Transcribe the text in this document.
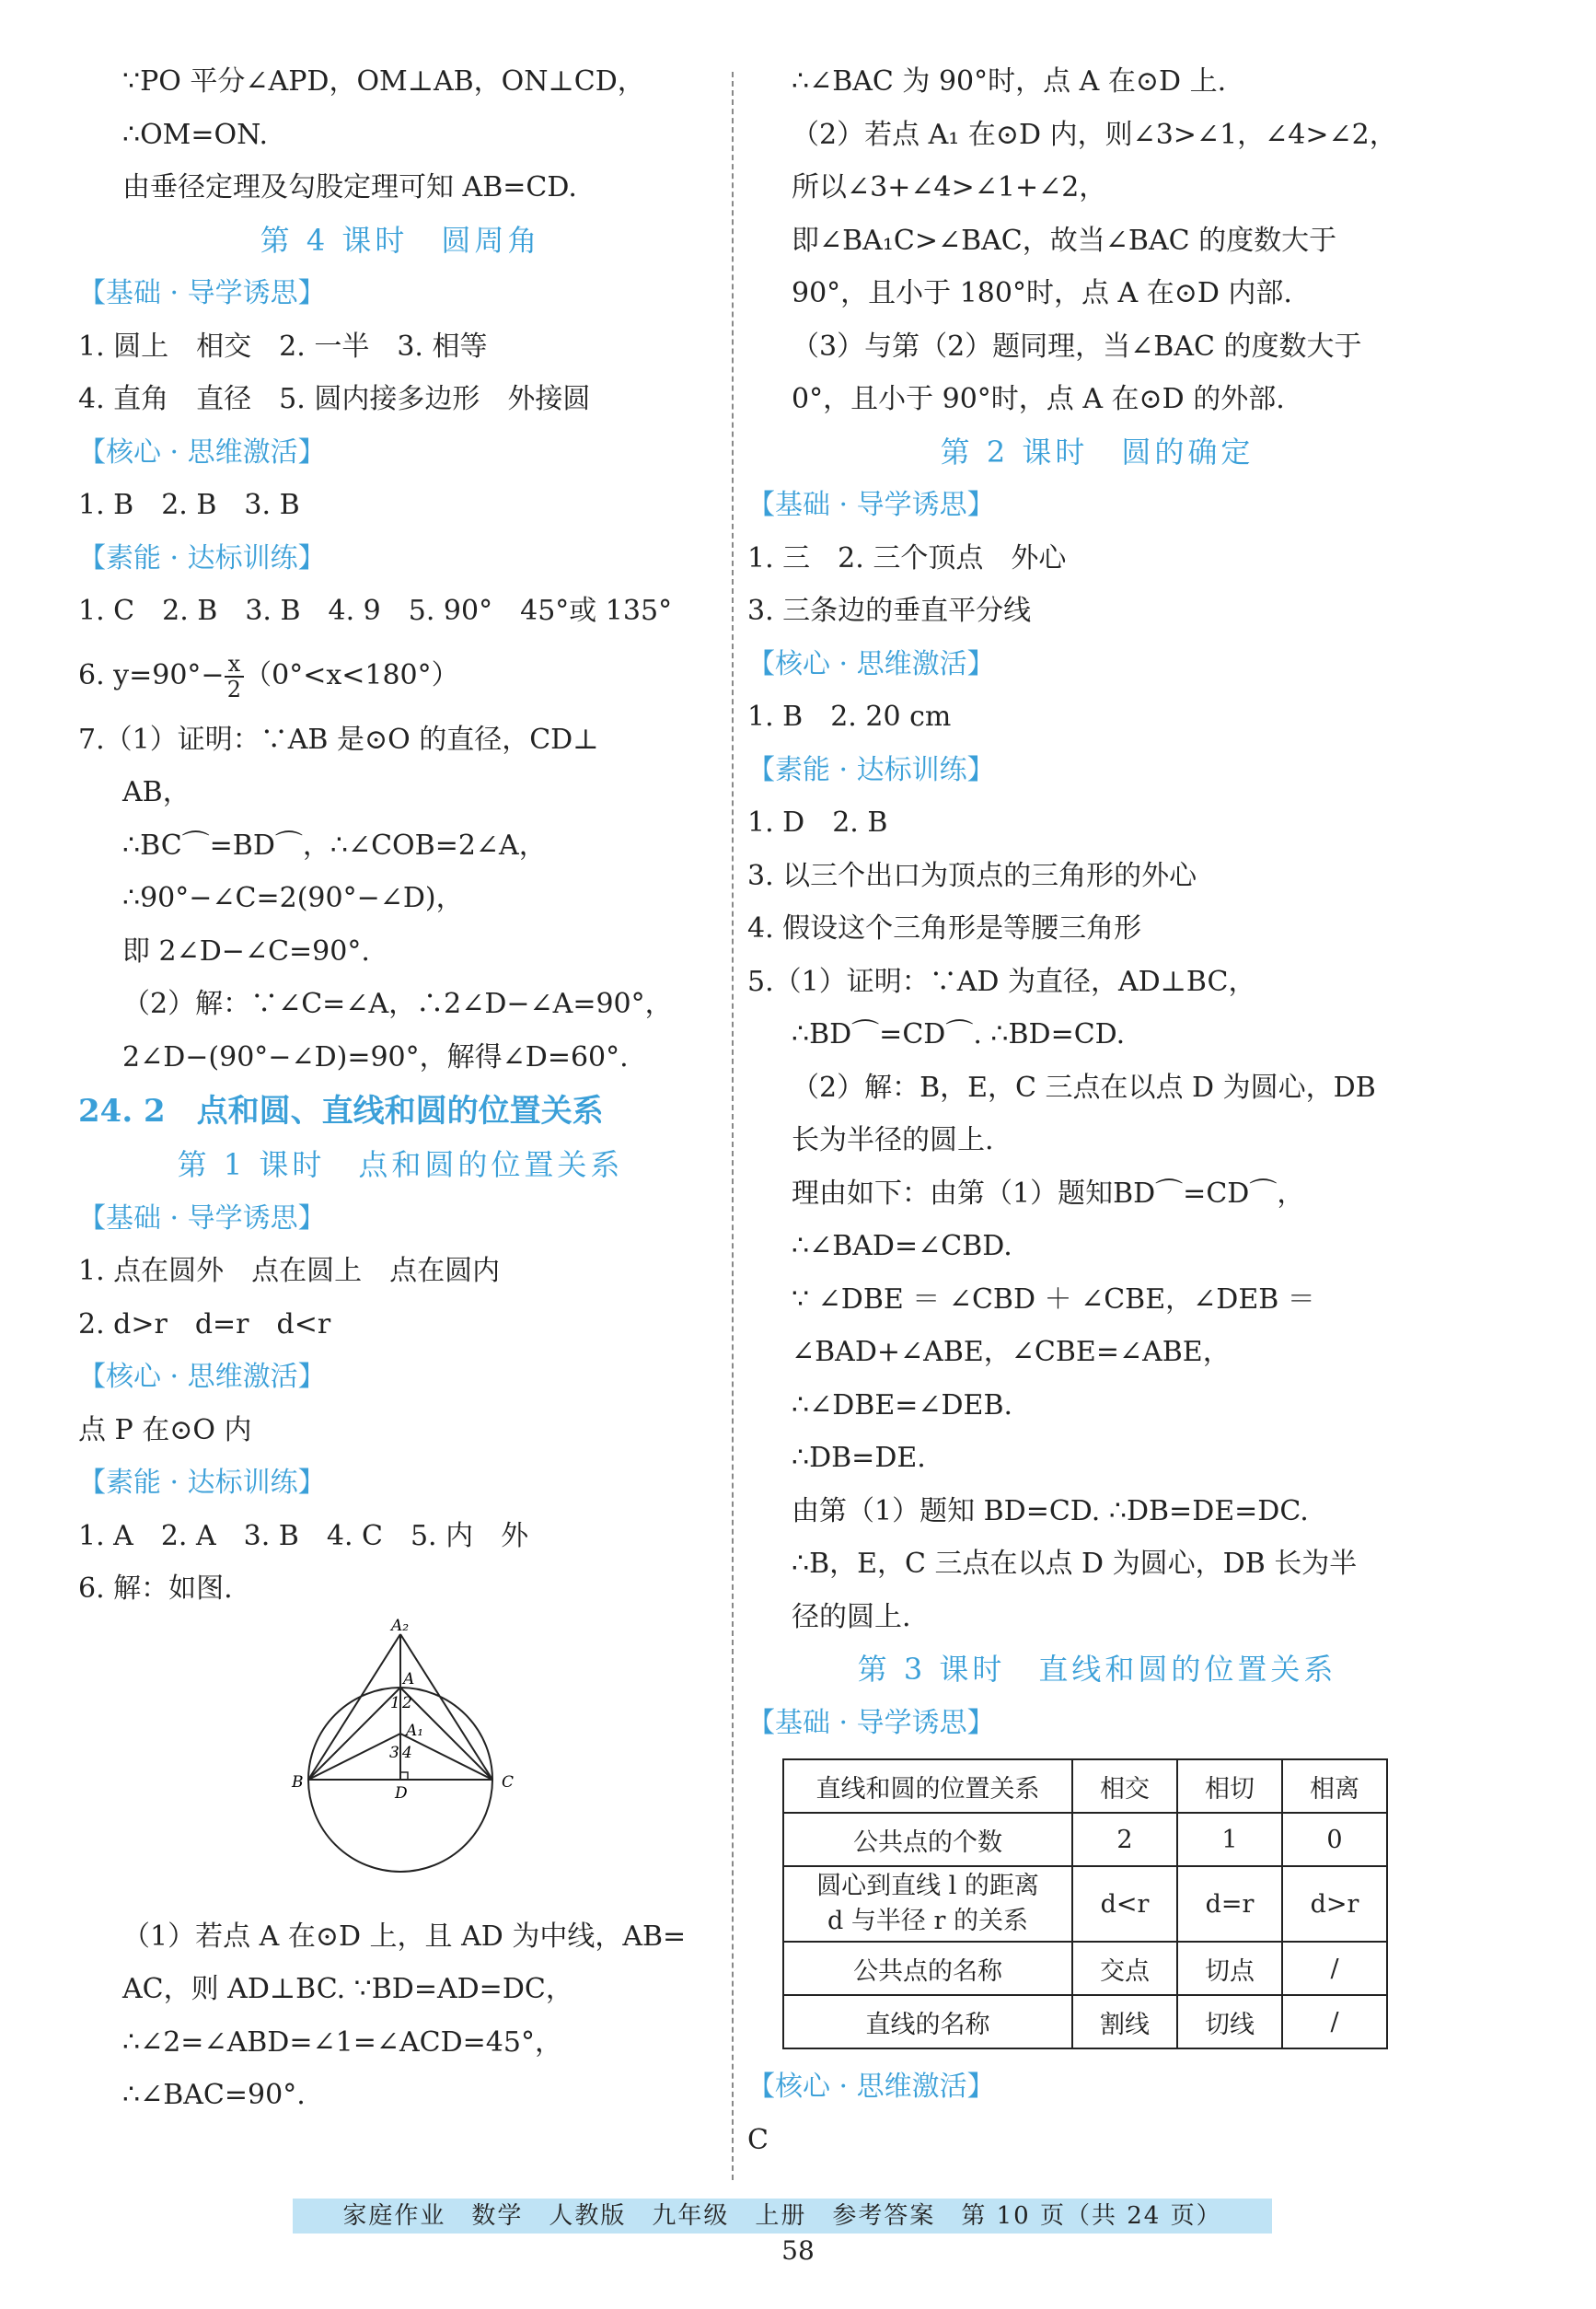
∵PO 平分∠APD，OM⊥AB，ON⊥CD，
∴OM=ON.
由垂径定理及勾股定理可知 AB=CD.
第 4 课时　圆周角
【基础 · 导学诱思】
1. 圆上　相交　2. 一半　3. 相等
4. 直角　直径　5. 圆内接多边形　外接圆
【核心 · 思维激活】
1. B　2. B　3. B
【素能 · 达标训练】
1. C　2. B　3. B　4. 9　5. 90°　45°或 135°
6. $y=90^\circ- \frac{x}{2} (0^\circ<x<180^\circ)$
7.（1）证明：∵AB 是⊙O 的直径，CD⊥
AB，
∴BC⌒=BD⌒，∴∠COB=2∠A，
∴90°−∠C=2(90°−∠D)，
即 2∠D−∠C=90°.
（2）解：∵∠C=∠A，∴2∠D−∠A=90°，
2∠D−(90°−∠D)=90°，解得∠D=60°.
24. 2　点和圆、直线和圆的位置关系
第 1 课时　点和圆的位置关系
【基础 · 导学诱思】
1. 点在圆外　点在圆上　点在圆内
2. d>r　d=r　d<r
【核心 · 思维激活】
点 P 在⊙O 内
【素能 · 达标训练】
1. A　2. A　3. B　4. C　5. 内　外
6. 解：如图.
A₂
A
A₁
1 2
3 4
B	C
D
（1）若点 A 在⊙D 上，且 AD 为中线，AB=
AC，则 AD⊥BC. ∵BD=AD=DC，
∴∠2=∠ABD=∠1=∠ACD=45°，
∴∠BAC=90°.
∴∠BAC 为 90°时，点 A 在⊙D 上.
（2）若点 A₁ 在⊙D 内，则∠3>∠1，∠4>∠2，
所以∠3+∠4>∠1+∠2，
即∠BA₁C>∠BAC，故当∠BAC 的度数大于
90°，且小于 180°时，点 A 在⊙D 内部.
（3）与第（2）题同理，当∠BAC 的度数大于
0°，且小于 90°时，点 A 在⊙D 的外部.
第 2 课时　圆的确定
【基础 · 导学诱思】
1. 三　2. 三个顶点　外心
3. 三条边的垂直平分线
【核心 · 思维激活】
1. B　2. 20 cm
【素能 · 达标训练】
1. D　2. B
3. 以三个出口为顶点的三角形的外心
4. 假设这个三角形是等腰三角形
5.（1）证明：∵AD 为直径，AD⊥BC，
∴BD⌒=CD⌒. ∴BD=CD.
（2）解：B，E，C 三点在以点 D 为圆心，DB
长为半径的圆上.
理由如下：由第（1）题知BD⌒=CD⌒，
∴∠BAD=∠CBD.
∵ ∠DBE ＝ ∠CBD ＋ ∠CBE，∠DEB ＝
∠BAD+∠ABE，∠CBE=∠ABE，
∴∠DBE=∠DEB.
∴DB=DE.
由第（1）题知 BD=CD. ∴DB=DE=DC.
∴B，E，C 三点在以点 D 为圆心，DB 长为半
径的圆上.
第 3 课时　直线和圆的位置关系
【基础 · 导学诱思】
直线和圆的位置关系	相交	相切	相离
公共点的个数	2	1	0
圆心到直线 l 的距离
d 与半径 r 的关系	d<r	d=r	d>r
公共点的名称	交点	切点	/
直线的名称	割线	切线	/
【核心 · 思维激活】
C
家庭作业　数学　人教版　九年级　上册　参考答案　第 10 页（共 24 页）
58
